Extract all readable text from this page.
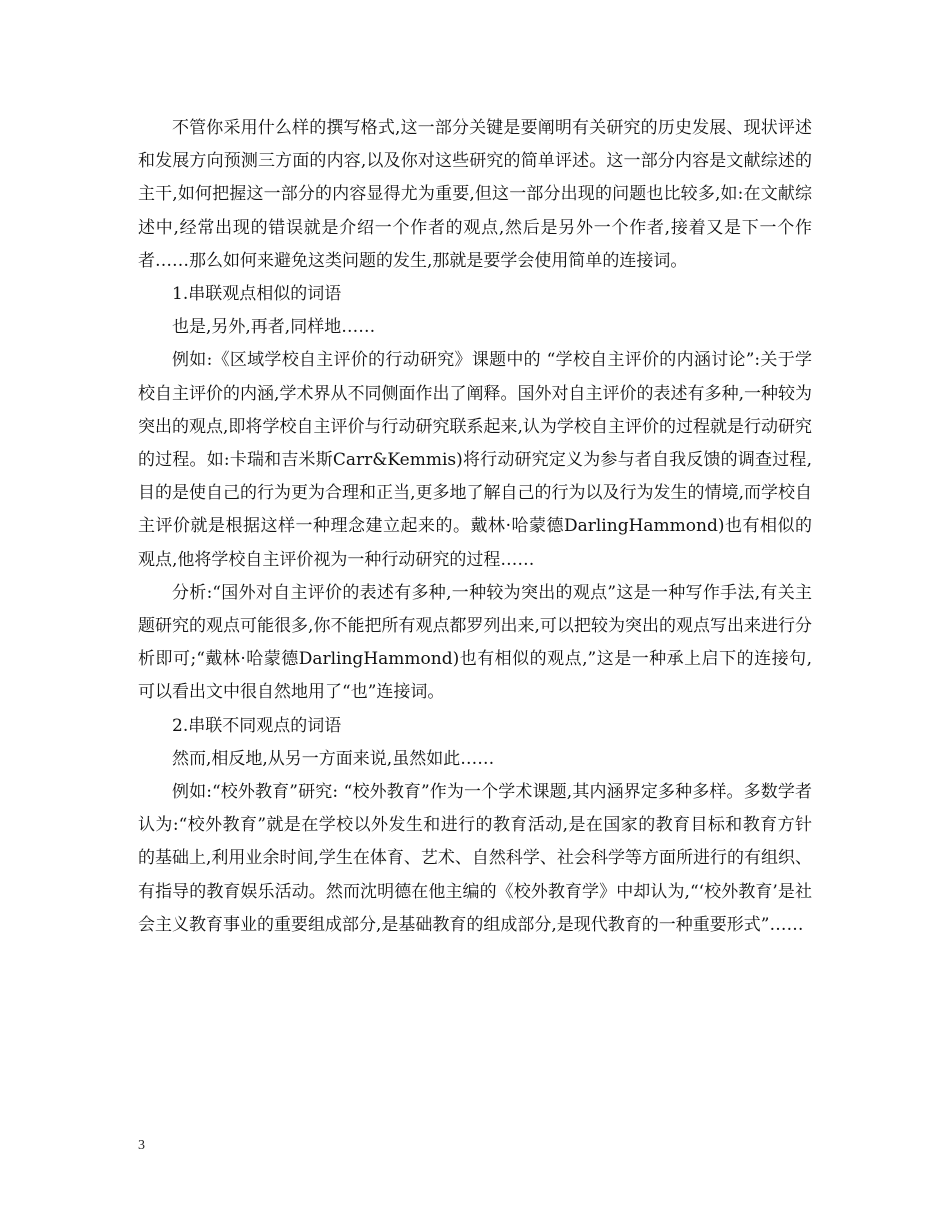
不管你采用什么样的撰写格式,这一部分关键是要阐明有关研究的历史发展、现状评述和发展方向预测三方面的内容,以及你对这些研究的简单评述。这一部分内容是文献综述的主干,如何把握这一部分的内容显得尤为重要,但这一部分出现的问题也比较多,如:在文献综述中,经常出现的错误就是介绍一个作者的观点,然后是另外一个作者,接着又是下一个作者……那么如何来避免这类问题的发生,那就是要学会使用简单的连接词。

1.串联观点相似的词语

也是,另外,再者,同样地……

例如:《区域学校自主评价的行动研究》课题中的 “学校自主评价的内涵讨论”:关于学校自主评价的内涵,学术界从不同侧面作出了阐释。国外对自主评价的表述有多种,一种较为突出的观点,即将学校自主评价与行动研究联系起来,认为学校自主评价的过程就是行动研究的过程。如:卡瑞和吉米斯Carr&Kemmis)将行动研究定义为参与者自我反馈的调查过程,目的是使自己的行为更为合理和正当,更多地了解自己的行为以及行为发生的情境,而学校自主评价就是根据这样一种理念建立起来的。戴林·哈蒙德DarlingHammond)也有相似的观点,他将学校自主评价视为一种行动研究的过程……

分析:“国外对自主评价的表述有多种,一种较为突出的观点”这是一种写作手法,有关主题研究的观点可能很多,你不能把所有观点都罗列出来,可以把较为突出的观点写出来进行分析即可;“戴林·哈蒙德DarlingHammond)也有相似的观点,”这是一种承上启下的连接句,可以看出文中很自然地用了“也”连接词。

2.串联不同观点的词语

然而,相反地,从另一方面来说,虽然如此……

例如:“校外教育”研究: “校外教育”作为一个学术课题,其内涵界定多种多样。多数学者认为:“校外教育”就是在学校以外发生和进行的教育活动,是在国家的教育目标和教育方针的基础上,利用业余时间,学生在体育、艺术、自然科学、社会科学等方面所进行的有组织、有指导的教育娱乐活动。然而沈明德在他主编的《校外教育学》中却认为,“‘校外教育’是社会主义教育事业的重要组成部分,是基础教育的组成部分,是现代教育的一种重要形式”……

3
